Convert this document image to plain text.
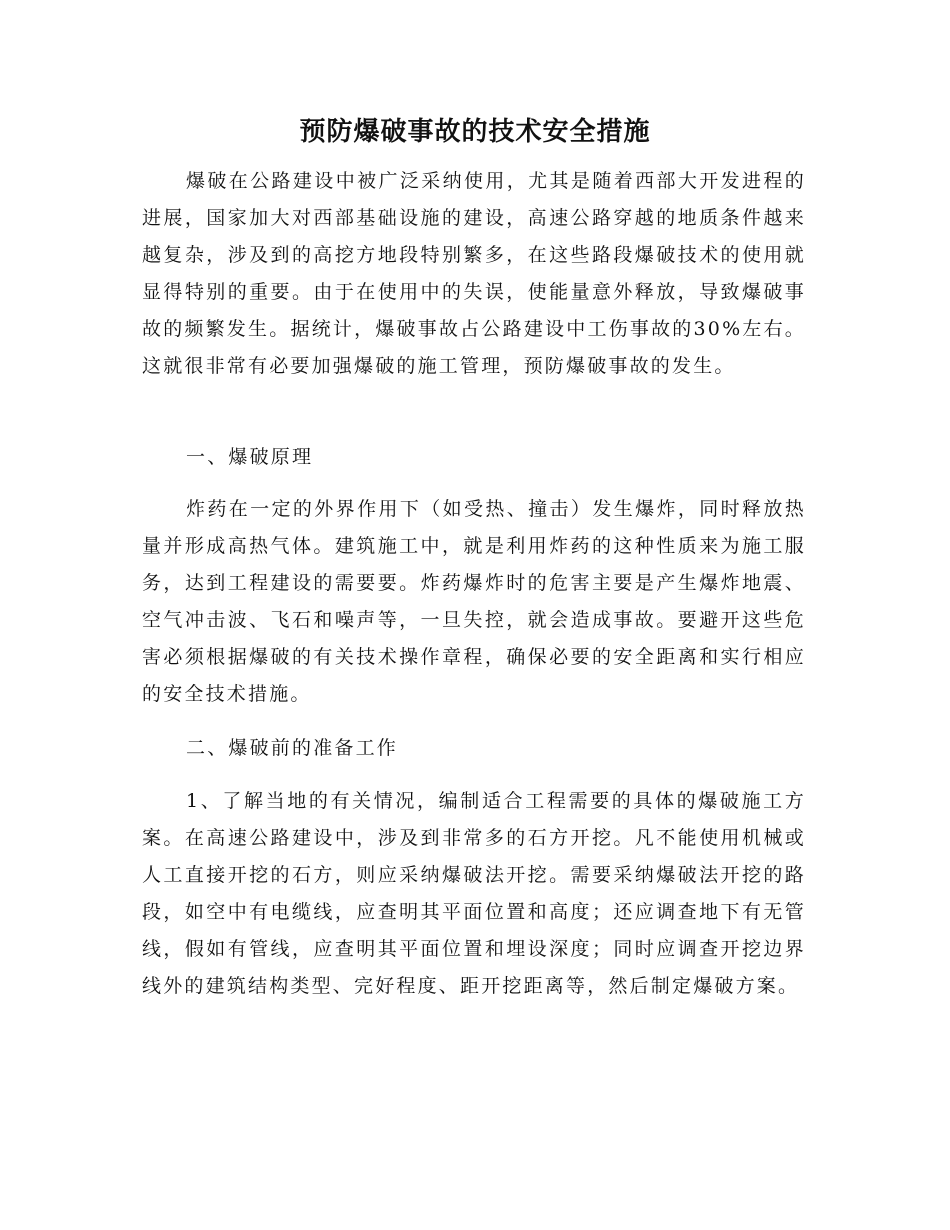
预防爆破事故的技术安全措施

爆破在公路建设中被广泛采纳使用，尤其是随着西部大开发进程的进展，国家加大对西部基础设施的建设，高速公路穿越的地质条件越来越复杂，涉及到的高挖方地段特别繁多，在这些路段爆破技术的使用就显得特别的重要。由于在使用中的失误，使能量意外释放，导致爆破事故的频繁发生。据统计，爆破事故占公路建设中工伤事故的30%左右。这就很非常有必要加强爆破的施工管理，预防爆破事故的发生。

一、爆破原理

炸药在一定的外界作用下（如受热、撞击）发生爆炸，同时释放热量并形成高热气体。建筑施工中，就是利用炸药的这种性质来为施工服务，达到工程建设的需要要。炸药爆炸时的危害主要是产生爆炸地震、空气冲击波、飞石和噪声等，一旦失控，就会造成事故。要避开这些危害必须根据爆破的有关技术操作章程，确保必要的安全距离和实行相应的安全技术措施。

二、爆破前的准备工作

1、了解当地的有关情况，编制适合工程需要的具体的爆破施工方案。在高速公路建设中，涉及到非常多的石方开挖。凡不能使用机械或人工直接开挖的石方，则应采纳爆破法开挖。需要采纳爆破法开挖的路段，如空中有电缆线，应查明其平面位置和高度；还应调查地下有无管线，假如有管线，应查明其平面位置和埋设深度；同时应调查开挖边界线外的建筑结构类型、完好程度、距开挖距离等，然后制定爆破方案。
